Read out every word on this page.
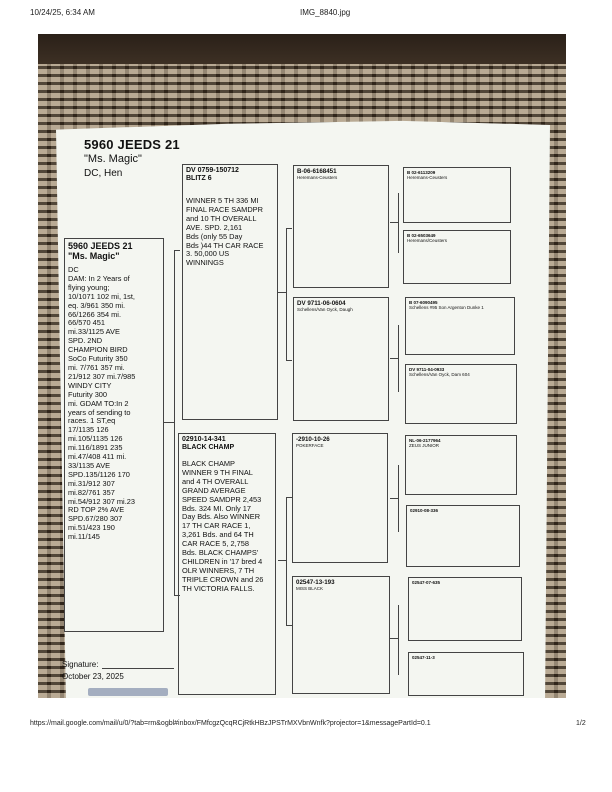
10/24/25, 6:34 AM	IMG_8840.jpg
5960 JEEDS 21
"Ms. Magic"
DC, Hen
5960 JEEDS 21
"Ms. Magic"
DC
DAM: In 2 Years of
flying young;
10/1071 102 mi, 1st,
eq. 3/961 350 mi.
66/1266 354 mi.
66/570 451
mi.33/1125 AVE
SPD. 2ND
CHAMPION BIRD
SoCo Futurity 350
mi. 7/761 357 mi.
21/912 307 mi.7/985
WINDY CITY
Futurity 300
mi. GDAM TO:In 2
years of sending to
races. 1 ST,eq
17/1135 126
mi.105/1135 126
mi.116/1891 235
mi.47/408 411 mi.
33/1135 AVE
SPD.135/1126 170
mi.31/912 307
mi.82/761 357
mi.54/912 307 mi.23
RD TOP 2% AVE
SPD.67/280 307
mi.51/423 190
mi.11/145
DV 0759-150712
BLITZ 6
WINNER 5 TH 336 MI
FINAL RACE SAMDPR
and 10 TH OVERALL
AVE. SPD. 2,161
Bds (only 55 Day
Bds )44 TH CAR RACE
3. 50,000 US
WINNINGS
02910-14-341
BLACK CHAMP
BLACK CHAMP
WINNER 9 TH FINAL
and 4 TH OVERALL
GRAND AVERAGE
SPEED SAMDPR 2,453
Bds. 324 MI. Only 17
Day Bds. Also WINNER
17 TH CAR RACE 1,
3,261 Bds. and 64 TH
CAR RACE 5, 2,758
Bds. BLACK CHAMPS'
CHILDREN in '17 bred 4
OLR WINNERS, 7 TH
TRIPLE CROWN and 26
TH VICTORIA FALLS.
B-06-6168451
Heremans-Ceusters
DV 9711-06-0604
Schellens/Van Oyck, Daugh
-2910-10-26
POKERFACE
02547-13-193
MISS BLACK
B 02-6113209
Heremans-Ceusters
B 02-6503649
Heremans/Ceusters
B 07-6090495
Schellens #95 Son Argenton Dunke 1
DV 9711-04-0933
Schellens/Van Oyck, Dam 604
NL-06-2177964
ZEUS JUNIOR
02910-08-336
02547-07-635
02547-11-3
Signature:
October 23, 2025
https://mail.google.com/mail/u/0/?tab=rm&ogbl#inbox/FMfcgzQcqRCjRtkHBzJPSTrMXVbnWnfk?projector=1&messagePartId=0.1	1/2
